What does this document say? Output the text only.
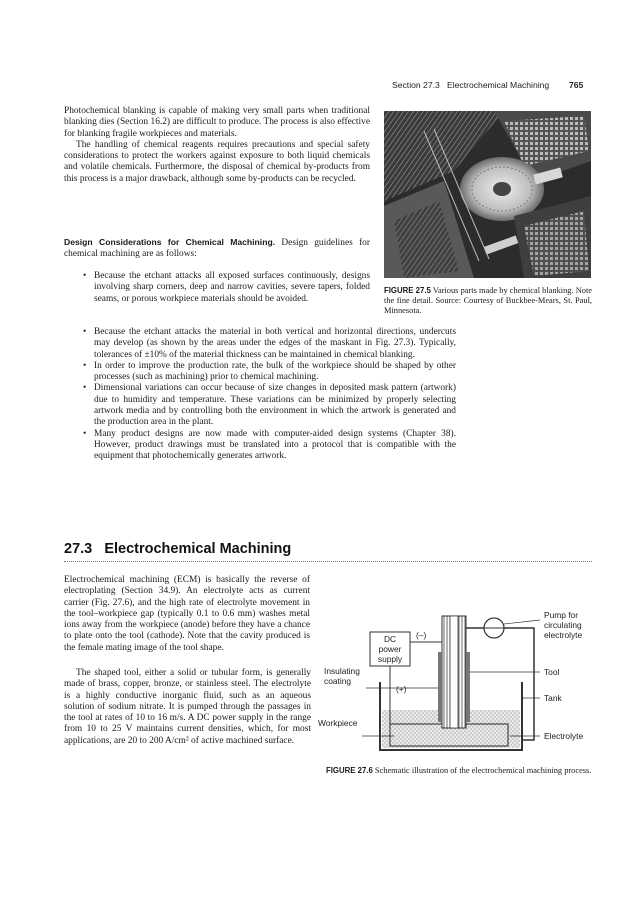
Section 27.3 Electrochemical Machining 765

Photochemical blanking is capable of making very small parts when traditional blanking dies (Section 16.2) are difficult to produce. The process is also effective for blanking fragile workpieces and materials.

The handling of chemical reagents requires precautions and special safety considerations to protect the workers against exposure to both liquid chemicals and volatile chemicals. Furthermore, the disposal of chemical by-products from this process is a major drawback, although some by-products can be recycled.

Design Considerations for Chemical Machining. Design guidelines for chemical machining are as follows:

• Because the etchant attacks all exposed surfaces continuously, designs involving sharp corners, deep and narrow cavities, severe tapers, folded seams, or porous workpiece materials should be avoided.
• Because the etchant attacks the material in both vertical and horizontal directions, undercuts may develop (as shown by the areas under the edges of the maskant in Fig. 27.3). Typically, tolerances of ±10% of the material thickness can be maintained in chemical blanking.
• In order to improve the production rate, the bulk of the workpiece should be shaped by other processes (such as machining) prior to chemical machining.
• Dimensional variations can occur because of size changes in deposited mask pattern (artwork) due to humidity and temperature. These variations can be minimized by properly selecting artwork media and by controlling both the environment in which the artwork is generated and the production area in the plant.
• Many product designs are now made with computer-aided design systems (Chapter 38). However, product drawings must be translated into a protocol that is compatible with the equipment that photochemically generates artwork.
FIGURE 27.5 Various parts made by chemical blanking. Note the fine detail. Source: Courtesy of Buckbee-Mears, St. Paul, Minnesota.
27.3 Electrochemical Machining

Electrochemical machining (ECM) is basically the reverse of electroplating (Section 34.9). An electrolyte acts as current carrier (Fig. 27.6), and the high rate of electrolyte movement in the tool–workpiece gap (typically 0.1 to 0.6 mm) washes metal ions away from the workpiece (anode) before they have a chance to plate onto the tool (cathode). Note that the cavity produced is the female mating image of the tool shape.

The shaped tool, either a solid or tubular form, is generally made of brass, copper, bronze, or stainless steel. The electrolyte is a highly conductive inorganic fluid, such as an aqueous solution of sodium nitrate. It is pumped through the passages in the tool at rates of 10 to 16 m/s. A DC power supply in the range from 10 to 25 V maintains current densities, which, for most applications, are 20 to 200 A/cm² of active machined surface.

DC
power
supply
(–)
(+)
Insulating
coating
Workpiece
Pump for
circulating
electrolyte
Tool
Tank
Electrolyte
FIGURE 27.6 Schematic illustration of the electrochemical machining process.
